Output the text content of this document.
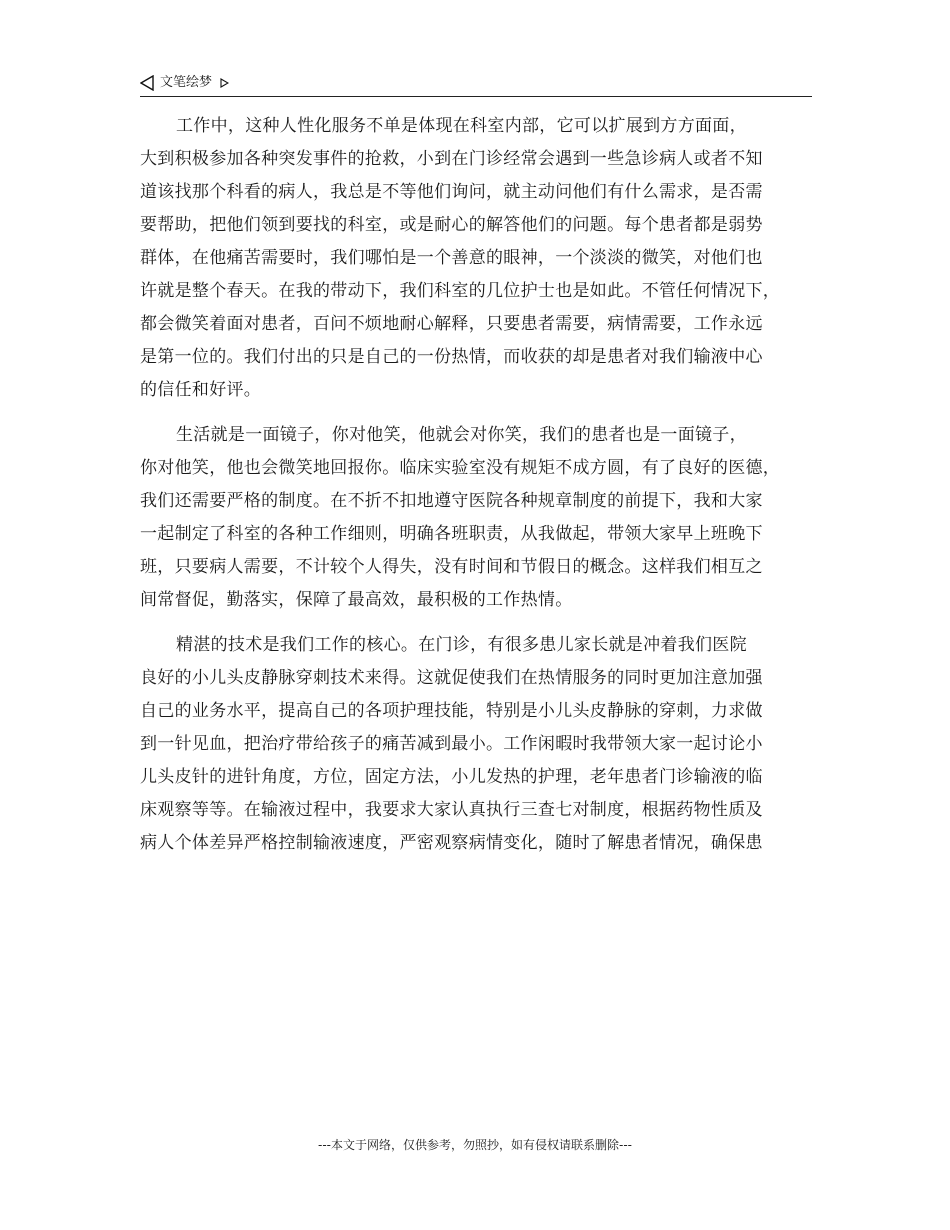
文笔绘梦
工作中，这种人性化服务不单是体现在科室内部，它可以扩展到方方面面，
大到积极参加各种突发事件的抢救，小到在门诊经常会遇到一些急诊病人或者不知
道该找那个科看的病人，我总是不等他们询问，就主动问他们有什么需求，是否需
要帮助，把他们领到要找的科室，或是耐心的解答他们的问题。每个患者都是弱势
群体，在他痛苦需要时，我们哪怕是一个善意的眼神，一个淡淡的微笑，对他们也
许就是整个春天。在我的带动下，我们科室的几位护士也是如此。不管任何情况下，
都会微笑着面对患者，百问不烦地耐心解释，只要患者需要，病情需要，工作永远
是第一位的。我们付出的只是自己的一份热情，而收获的却是患者对我们输液中心
的信任和好评。
生活就是一面镜子，你对他笑，他就会对你笑，我们的患者也是一面镜子，
你对他笑，他也会微笑地回报你。临床实验室没有规矩不成方圆，有了良好的医德，
我们还需要严格的制度。在不折不扣地遵守医院各种规章制度的前提下，我和大家
一起制定了科室的各种工作细则，明确各班职责，从我做起，带领大家早上班晚下
班，只要病人需要，不计较个人得失，没有时间和节假日的概念。这样我们相互之
间常督促，勤落实，保障了最高效，最积极的工作热情。
精湛的技术是我们工作的核心。在门诊，有很多患儿家长就是冲着我们医院
良好的小儿头皮静脉穿刺技术来得。这就促使我们在热情服务的同时更加注意加强
自己的业务水平，提高自己的各项护理技能，特别是小儿头皮静脉的穿刺，力求做
到一针见血，把治疗带给孩子的痛苦减到最小。工作闲暇时我带领大家一起讨论小
儿头皮针的进针角度，方位，固定方法，小儿发热的护理，老年患者门诊输液的临
床观察等等。在输液过程中，我要求大家认真执行三查七对制度，根据药物性质及
病人个体差异严格控制输液速度，严密观察病情变化，随时了解患者情况，确保患
---本文于网络，仅供参考，勿照抄，如有侵权请联系删除---
